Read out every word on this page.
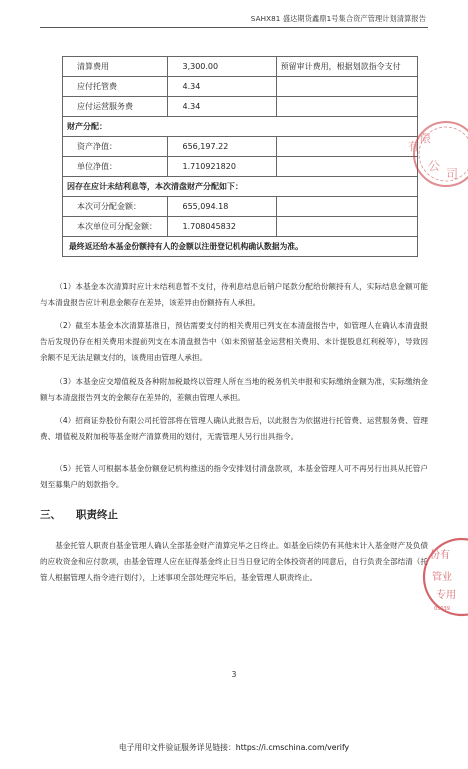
SAHX81 盛达期货鑫鼎1号集合资产管理计划清算报告
清算费用	3,300.00	预留审计费用，根据划款指令支付
应付托管费	4.34	
应付运营服务费	4.34	
财产分配：		
资产净值：	656,197.22	
单位净值：	1.710921820	
因存在应计未结利息等，本次清盘财产分配如下：		
本次可分配金额：	655,094.18	
本次单位可分配金额：	1.708045832	
最终返还给本基金份额持有人的金额以注册登记机构确认数据为准。		
（1）本基金本次清算时应计未结利息暂不支付，待利息结息后销户尾款分配给份额持有人，实际结息金额可能与本清盘报告应计利息金额存在差异，该差异由份额持有人承担。
（2）截至本基金本次清算基准日，预估需要支付的相关费用已列支在本清盘报告中，如管理人在确认本清盘报告后发现仍存在相关费用未提前列支在本清盘报告中（如未预留基金运营相关费用、未计提股息红利税等），导致因余额不足无法足额支付的，该费用由管理人承担。
（3）本基金应交增值税及各种附加税最终以管理人所在当地的税务机关申报和实际缴纳金额为准，实际缴纳金额与本清盘报告列支的金额存在差异的，差额由管理人承担。
（4）招商证券股份有限公司托管部将在管理人确认此报告后，以此报告为依据进行托管费、运营服务费、管理费、增值税及附加税等基金财产清算费用的划付，无需管理人另行出具指令。
（5）托管人可根据本基金份额登记机构推送的指令安排划付清盘款项，本基金管理人可不再另行出具从托管户划至募集户的划款指令。
三、 职责终止
基金托管人职责自基金管理人确认全部基金财产清算完毕之日终止。如基金后续仍有其他未计入基金财产及负债的应收资金和应付款项，由基金管理人应在征得基金终止日当日登记的全体投资者的同意后，自行负责全部结清（托管人根据管理人指令进行划付），上述事项全部处理完毕后，基金管理人职责终止。
3
电子用印文件验证服务详见链接：https://i.cmschina.com/verify
有
限
公
司
份有
管业
专用
03039
